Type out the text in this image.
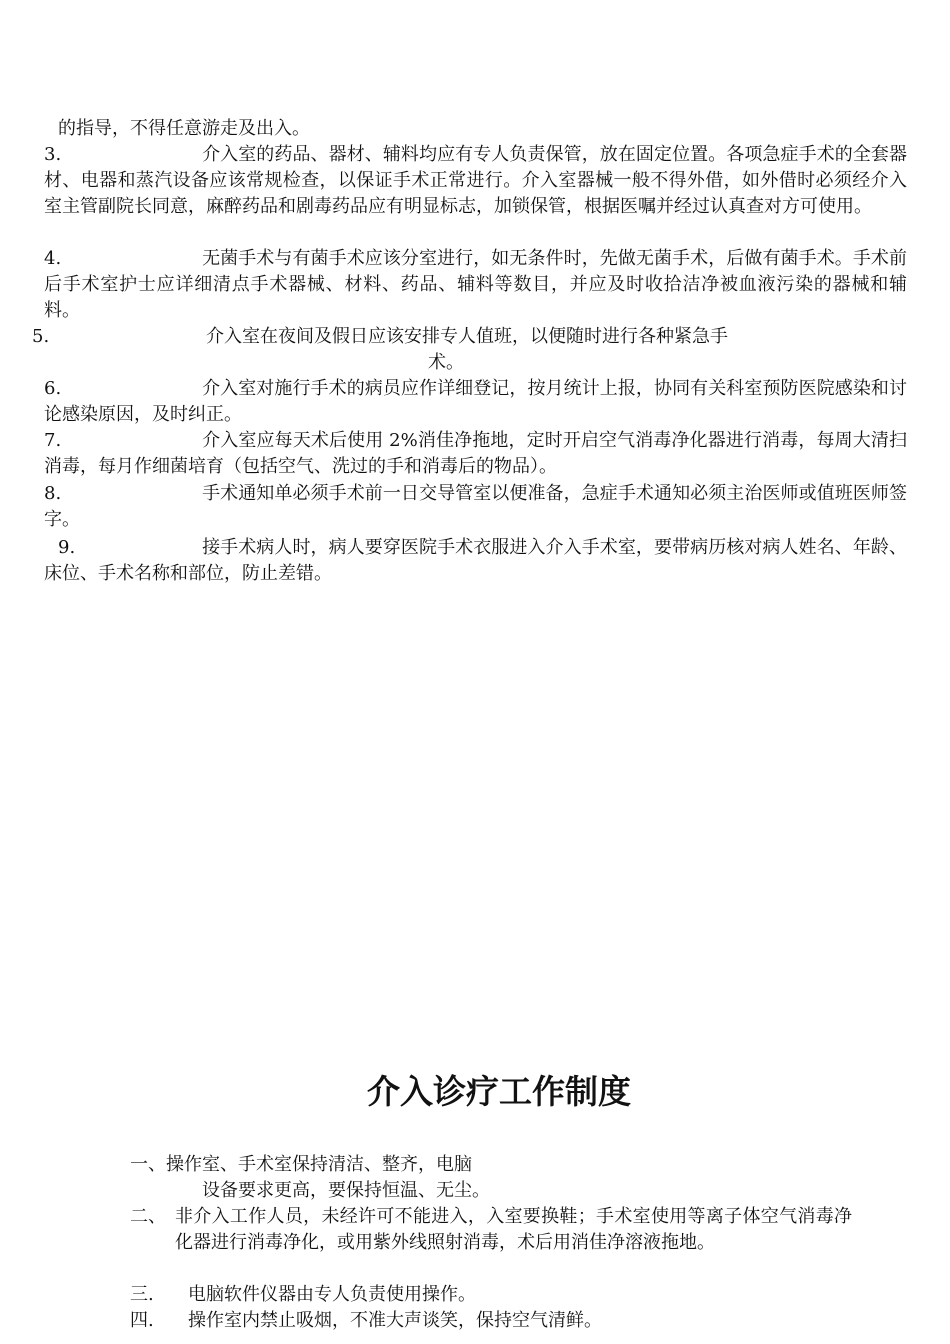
的指导，不得任意游走及出入。
3.	介入室的药品、器材、辅料均应有专人负责保管，放在固定位置。各项急症手术的全套器材、电器和蒸汽设备应该常规检查，以保证手术正常进行。介入室器械一般不得外借，如外借时必须经介入室主管副院长同意，麻醉药品和剧毒药品应有明显标志，加锁保管，根据医嘱并经过认真查对方可使用。
4.	无菌手术与有菌手术应该分室进行，如无条件时，先做无菌手术，后做有菌手术。手术前后手术室护士应详细清点手术器械、材料、药品、辅料等数目，并应及时收拾洁净被血液污染的器械和辅料。
5.	介入室在夜间及假日应该安排专人值班，以便随时进行各种紧急手
术。
6.	介入室对施行手术的病员应作详细登记，按月统计上报，协同有关科室预防医院感染和讨论感染原因，及时纠正。
7.	介入室应每天术后使用 2%消佳净拖地，定时开启空气消毒净化器进行消毒，每周大清扫消毒，每月作细菌培育（包括空气、洗过的手和消毒后的物品）。
8.	手术通知单必须手术前一日交导管室以便准备，急症手术通知必须主治医师或值班医师签字。
9.	接手术病人时，病人要穿医院手术衣服进入介入手术室，要带病历核对病人姓名、年龄、床位、手术名称和部位，防止差错。
介入诊疗工作制度
一、操作室、手术室保持清洁、整齐，电脑
设备要求更高，要保持恒温、无尘。
二、 非介入工作人员，未经许可不能进入，入室要换鞋；手术室使用等离子体空气消毒净化器进行消毒净化，或用紫外线照射消毒，术后用消佳净溶液拖地。
三. 电脑软件仪器由专人负责使用操作。
四. 操作室内禁止吸烟，不准大声谈笑，保持空气清鲜。
